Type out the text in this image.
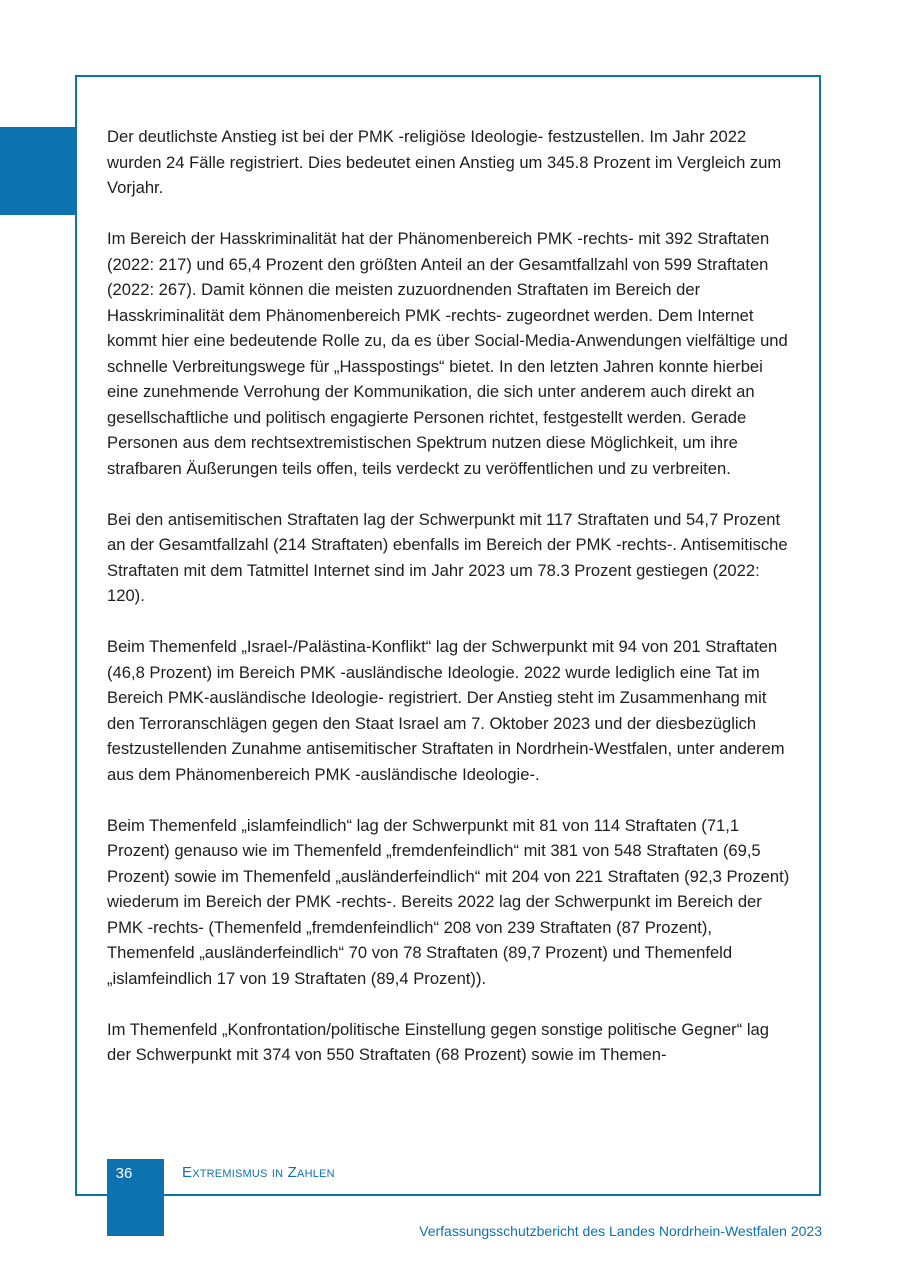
Der deutlichste Anstieg ist bei der PMK -religiöse Ideologie- festzustellen. Im Jahr 2022 wurden 24 Fälle registriert. Dies bedeutet einen Anstieg um 345.8 Prozent im Vergleich zum Vorjahr.

Im Bereich der Hasskriminalität hat der Phänomenbereich PMK -rechts- mit 392 Straftaten (2022: 217) und 65,4 Prozent den größten Anteil an der Gesamtfallzahl von 599 Straftaten (2022: 267). Damit können die meisten zuzuordnenden Straftaten im Bereich der Hasskriminalität dem Phänomenbereich PMK -rechts- zugeordnet werden. Dem Internet kommt hier eine bedeutende Rolle zu, da es über Social-Media-Anwendungen vielfältige und schnelle Verbreitungswege für „Hasspostings“ bietet. In den letzten Jahren konnte hierbei eine zunehmende Verrohung der Kommunikation, die sich unter anderem auch direkt an gesellschaftliche und politisch engagierte Personen richtet, festgestellt werden. Gerade Personen aus dem rechtsextremistischen Spektrum nutzen diese Möglichkeit, um ihre strafbaren Äußerungen teils offen, teils verdeckt zu veröffentlichen und zu verbreiten.

Bei den antisemitischen Straftaten lag der Schwerpunkt mit 117 Straftaten und 54,7 Prozent an der Gesamtfallzahl (214 Straftaten) ebenfalls im Bereich der PMK -rechts-. Antisemitische Straftaten mit dem Tatmittel Internet sind im Jahr 2023 um 78.3 Prozent gestiegen (2022: 120).

Beim Themenfeld „Israel-/Palästina-Konflikt“ lag der Schwerpunkt mit 94 von 201 Straftaten (46,8 Prozent) im Bereich PMK -ausländische Ideologie. 2022 wurde lediglich eine Tat im Bereich PMK-ausländische Ideologie- registriert. Der Anstieg steht im Zusammenhang mit den Terroranschlägen gegen den Staat Israel am 7. Oktober 2023 und der diesbezüglich festzustellenden Zunahme antisemitischer Straftaten in Nordrhein-Westfalen, unter anderem aus dem Phänomenbereich PMK -ausländische Ideologie-.

Beim Themenfeld „islamfeindlich“ lag der Schwerpunkt mit 81 von 114 Straftaten (71,1 Prozent) genauso wie im Themenfeld „fremdenfeindlich“ mit 381 von 548 Straftaten (69,5 Prozent) sowie im Themenfeld „ausländerfeindlich“ mit 204 von 221 Straftaten (92,3 Prozent) wiederum im Bereich der PMK -rechts-. Bereits 2022 lag der Schwerpunkt im Bereich der PMK -rechts- (Themenfeld „fremdenfeindlich“ 208 von 239 Straftaten (87 Prozent), Themenfeld „ausländerfeindlich“ 70 von 78 Straftaten (89,7 Prozent) und Themenfeld „islamfeindlich 17 von 19 Straftaten (89,4 Prozent)).

Im Themenfeld „Konfrontation/politische Einstellung gegen sonstige politische Gegner“ lag der Schwerpunkt mit 374 von 550 Straftaten (68 Prozent) sowie im Themen-

36	Extremismus in Zahlen
Verfassungsschutzbericht des Landes Nordrhein-Westfalen 2023
